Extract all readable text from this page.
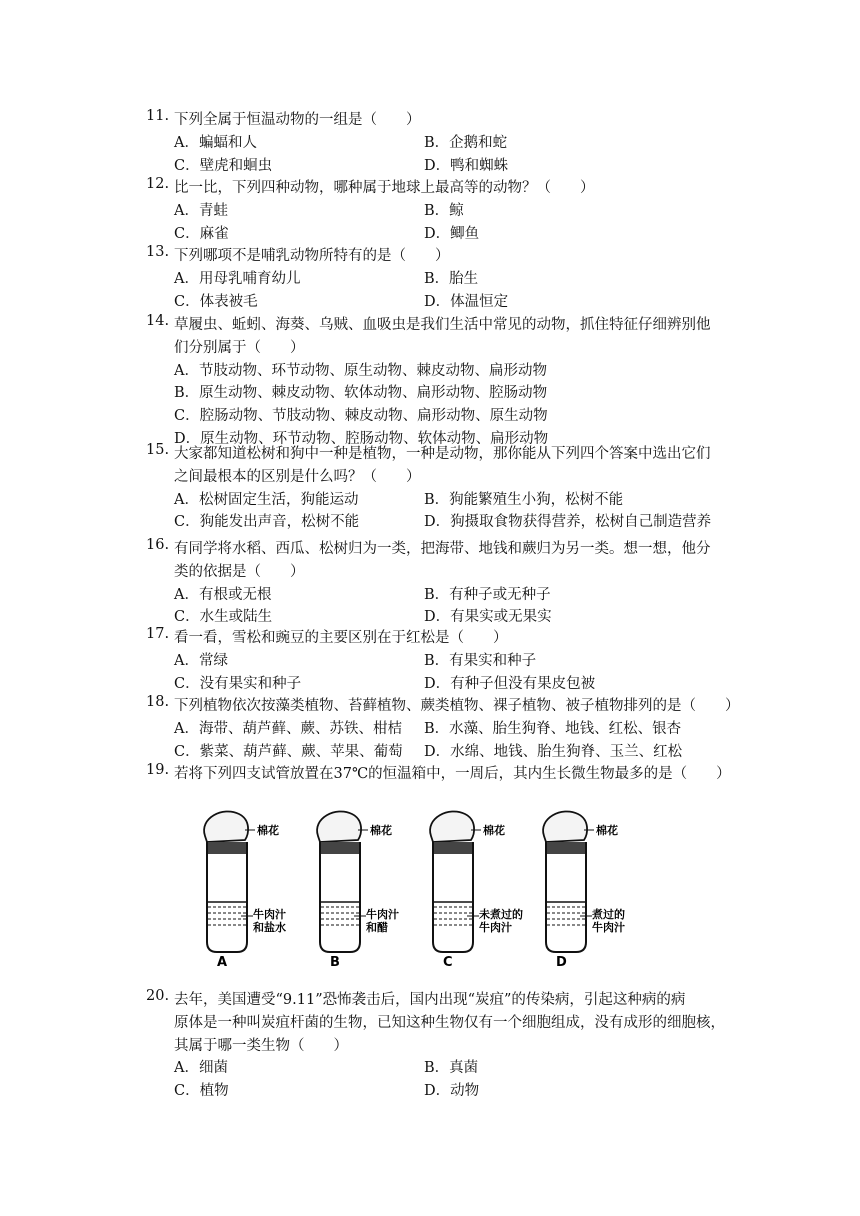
11. 下列全属于恒温动物的一组是（　　）
A．蝙蝠和人	B．企鹅和蛇
C．壁虎和蛔虫	D．鸭和蜘蛛
12. 比一比，下列四种动物，哪种属于地球上最高等的动物？（　　）
A．青蛙	B．鲸
C．麻雀	D．鲫鱼
13. 下列哪项不是哺乳动物所特有的是（　　）
A．用母乳哺育幼儿	B．胎生
C．体表被毛	D．体温恒定
14. 草履虫、蚯蚓、海葵、乌贼、血吸虫是我们生活中常见的动物，抓住特征仔细辨别他
们分别属于（　　）
A．节肢动物、环节动物、原生动物、棘皮动物、扁形动物
B．原生动物、棘皮动物、软体动物、扁形动物、腔肠动物
C．腔肠动物、节肢动物、棘皮动物、扁形动物、原生动物
D．原生动物、环节动物、腔肠动物、软体动物、扁形动物
15. 大家都知道松树和狗中一种是植物，一种是动物，那你能从下列四个答案中选出它们
之间最根本的区别是什么吗？（　　）
A．松树固定生活，狗能运动	B．狗能繁殖生小狗，松树不能
C．狗能发出声音，松树不能	D．狗摄取食物获得营养，松树自己制造营养
16. 有同学将水稻、西瓜、松树归为一类，把海带、地钱和蕨归为另一类。想一想，他分
类的依据是（　　）
A．有根或无根	B．有种子或无种子
C．水生或陆生	D．有果实或无果实
17. 看一看，雪松和豌豆的主要区别在于红松是（　　）
A．常绿	B．有果实和种子
C．没有果实和种子	D．有种子但没有果皮包被
18. 下列植物依次按藻类植物、苔藓植物、蕨类植物、裸子植物、被子植物排列的是（　　）
A．海带、葫芦藓、蕨、苏铁、柑桔 B．水藻、胎生狗脊、地钱、红松、银杏
C．紫菜、葫芦藓、蕨、苹果、葡萄 D．水绵、地钱、胎生狗脊、玉兰、红松
19. 若将下列四支试管放置在37℃的恒温箱中，一周后，其内生长微生物最多的是（　　）
20. 去年，美国遭受“9.11”恐怖袭击后，国内出现“炭疽”的传染病，引起这种病的病
原体是一种叫炭疽杆菌的生物，已知这种生物仅有一个细胞组成，没有成形的细胞核，
其属于哪一类生物（　　）
A．细菌	B．真菌
C．植物	D．动物
棉花
牛肉汁
和盐水
A
棉花
牛肉汁
和醋
B
棉花
未煮过的
牛肉汁
C
棉花
煮过的
牛肉汁
D
